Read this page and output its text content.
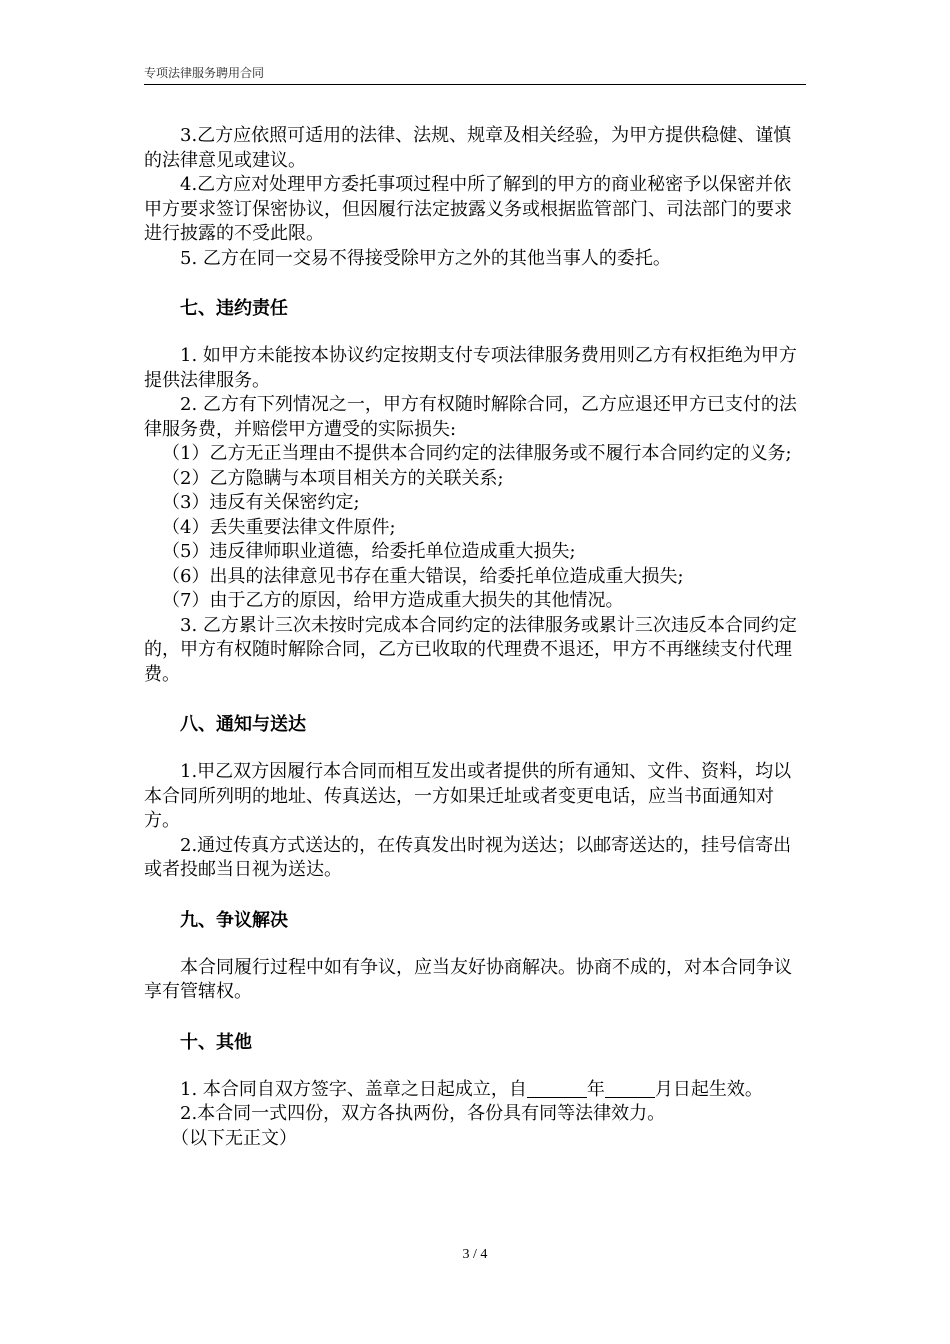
专项法律服务聘用合同

3.乙方应依照可适用的法律、法规、规章及相关经验，为甲方提供稳健、谨慎的法律意见或建议。

4.乙方应对处理甲方委托事项过程中所了解到的甲方的商业秘密予以保密并依甲方要求签订保密协议，但因履行法定披露义务或根据监管部门、司法部门的要求进行披露的不受此限。

5. 乙方在同一交易不得接受除甲方之外的其他当事人的委托。

七、违约责任

1. 如甲方未能按本协议约定按期支付专项法律服务费用则乙方有权拒绝为甲方提供法律服务。

2. 乙方有下列情况之一，甲方有权随时解除合同，乙方应退还甲方已支付的法律服务费，并赔偿甲方遭受的实际损失:

（1）乙方无正当理由不提供本合同约定的法律服务或不履行本合同约定的义务;

（2）乙方隐瞒与本项目相关方的关联关系;

（3）违反有关保密约定;

（4）丢失重要法律文件原件;

（5）违反律师职业道德，给委托单位造成重大损失;

（6）出具的法律意见书存在重大错误，给委托单位造成重大损失;

（7）由于乙方的原因，给甲方造成重大损失的其他情况。

3. 乙方累计三次未按时完成本合同约定的法律服务或累计三次违反本合同约定的，甲方有权随时解除合同，乙方已收取的代理费不退还，甲方不再继续支付代理费。

八、通知与送达

1.甲乙双方因履行本合同而相互发出或者提供的所有通知、文件、资料，均以本合同所列明的地址、传真送达，一方如果迁址或者变更电话，应当书面通知对方。

2.通过传真方式送达的，在传真发出时视为送达；以邮寄送达的，挂号信寄出或者投邮当日视为送达。

九、争议解决

本合同履行过程中如有争议，应当友好协商解决。协商不成的，对本合同争议享有管辖权。

十、其他

1. 本合同自双方签字、盖章之日起成立，自	年	月日起生效。

2.本合同一式四份，双方各执两份，各份具有同等法律效力。

（以下无正文）

3 / 4
